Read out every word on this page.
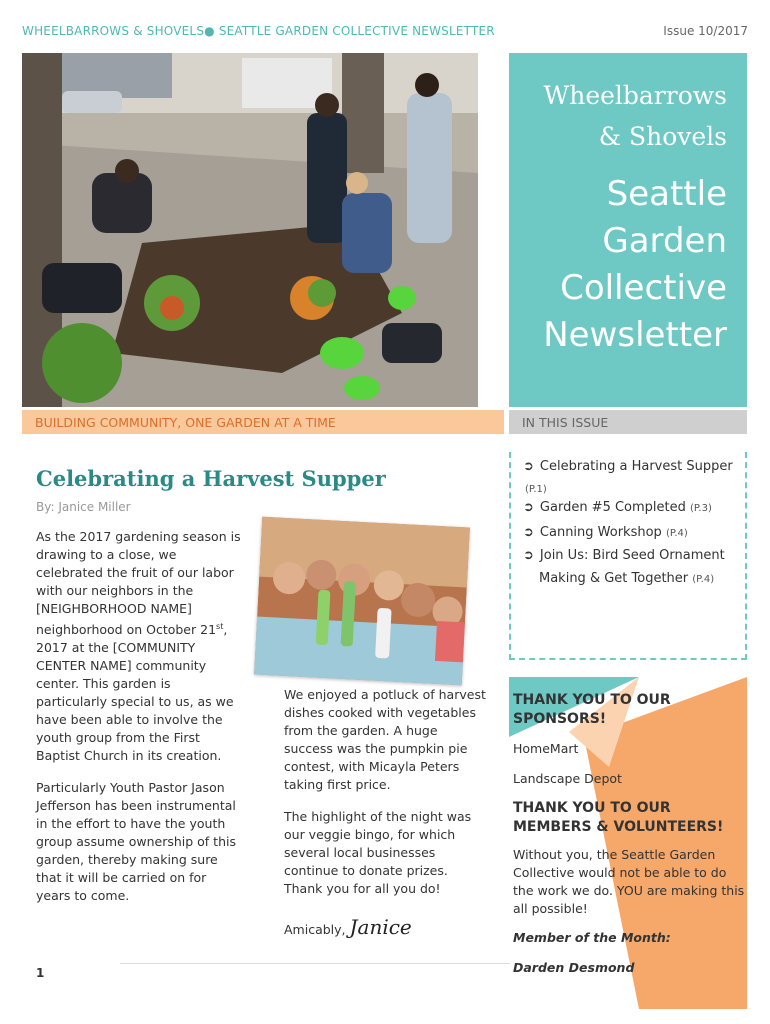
WHEELBARROWS & SHOVELS● SEATTLE GARDEN COLLECTIVE NEWSLETTER	Issue 10/2017
Wheelbarrows
& Shovels
Seattle
Garden
Collective
Newsletter
BUILDING COMMUNITY, ONE GARDEN AT A TIME	IN THIS ISSUE
➲ Celebrating a Harvest Supper
(P.1)
➲ Garden #5 Completed (P.3)
➲ Canning Workshop (P.4)
➲ Join Us: Bird Seed Ornament
Making & Get Together (P.4)
Celebrating a Harvest Supper
By: Janice Miller

As the 2017 gardening season is drawing to a close, we celebrated the fruit of our labor with our neighbors in the [NEIGHBORHOOD NAME] neighborhood on October 21st, 2017 at the [COMMUNITY CENTER NAME] community center. This garden is particularly special to us, as we have been able to involve the youth group from the First Baptist Church in its creation.

Particularly Youth Pastor Jason Jefferson has been instrumental in the effort to have the youth group assume ownership of this garden, thereby making sure that it will be carried on for years to come.

We enjoyed a potluck of harvest dishes cooked with vegetables from the garden. A huge success was the pumpkin pie contest, with Micayla Peters taking first price.

The highlight of the night was our veggie bingo, for which several local businesses continue to donate prizes. Thank you for all you do!

Amicably, Janice

THANK YOU TO OUR SPONSORS!
HomeMart
Landscape Depot
THANK YOU TO OUR MEMBERS & VOLUNTEERS!
Without you, the Seattle Garden Collective would not be able to do the work we do. YOU are making this all possible!
Member of the Month:
Darden Desmond
1
